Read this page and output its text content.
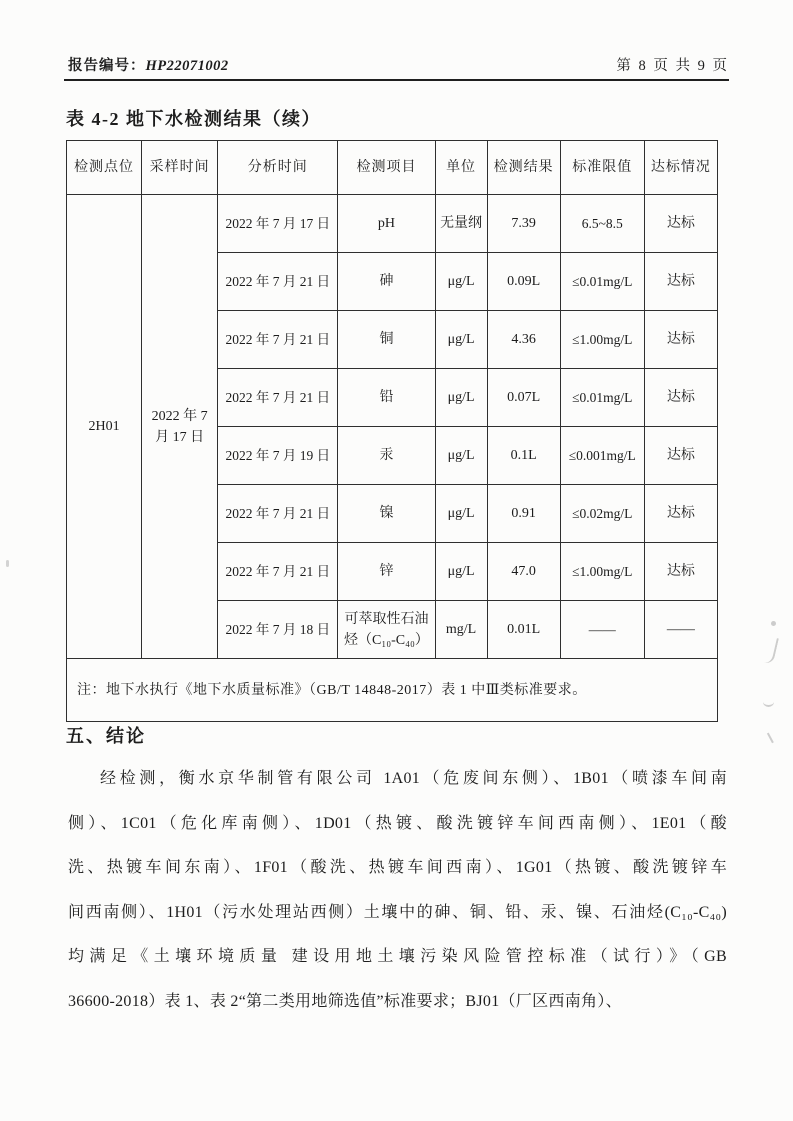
报告编号：HP22071002	第 8 页 共 9 页
表 4-2 地下水检测结果（续）
检测点位	采样时间	分析时间	检测项目	单位	检测结果	标准限值	达标情况
2H01	2022 年 7 月 17 日	2022 年 7 月 17 日	pH	无量纲	7.39	6.5~8.5	达标
		2022 年 7 月 21 日	砷	μg/L	0.09L	≤0.01mg/L	达标
		2022 年 7 月 21 日	铜	μg/L	4.36	≤1.00mg/L	达标
		2022 年 7 月 21 日	铅	μg/L	0.07L	≤0.01mg/L	达标
		2022 年 7 月 19 日	汞	μg/L	0.1L	≤0.001mg/L	达标
		2022 年 7 月 21 日	镍	μg/L	0.91	≤0.02mg/L	达标
		2022 年 7 月 21 日	锌	μg/L	47.0	≤1.00mg/L	达标
		2022 年 7 月 18 日	可萃取性石油烃（C₁₀-C₄₀）	mg/L	0.01L	——	——
注：地下水执行《地下水质量标准》（GB/T 14848-2017）表 1 中Ⅲ类标准要求。							
五、结论
经检测，衡水京华制管有限公司 1A01（危废间东侧）、1B01（喷漆车间南
侧）、1C01（危化库南侧）、1D01（热镀、酸洗镀锌车间西南侧）、1E01（酸
洗、热镀车间东南）、1F01（酸洗、热镀车间西南）、1G01（热镀、酸洗镀锌车
间西南侧）、1H01（污水处理站西侧）土壤中的砷、铜、铅、汞、镍、石油烃(C₁₀-C₄₀)
均满足《土壤环境质量 建设用地土壤污染风险管控标准（试行）》（GB
36600-2018）表 1、表 2“第二类用地筛选值”标准要求；BJ01（厂区西南角）、
